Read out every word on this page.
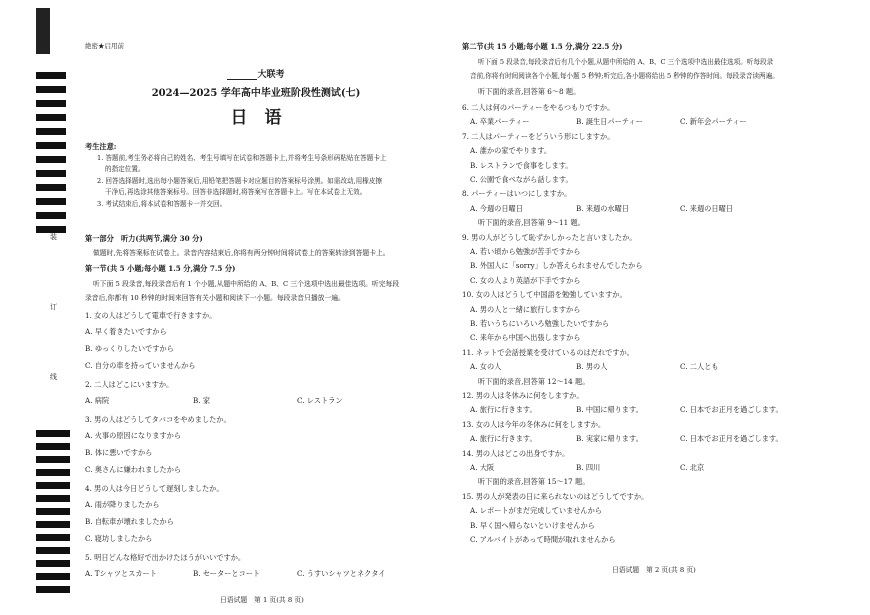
装
订
线
絶密★启用前
大联考
2024—2025 学年高中毕业班阶段性测试(七)
日　语
考生注意:
1. 答题前,考生务必将自己的姓名、考生号填写在试卷和答题卡上,并将考生号条形码粘贴在答题卡上
的指定位置。
2. 回答选择题时,选出每小题答案后,用铅笔把答题卡对应题目的答案标号涂黑。如需改动,用橡皮擦
干净后,再选涂其他答案标号。回答非选择题时,将答案写在答题卡上。写在本试卷上无效。
3. 考试结束后,将本试卷和答题卡一并交回。
第一部分　听力(共两节,满分 30 分)
做题时,先将答案标在试卷上。录音内容结束后,你将有两分钟时间将试卷上的答案转涂到答题卡上。
第一节(共 5 小题;每小题 1.5 分,满分 7.5 分)
听下面 5 段录音,每段录音后有 1 个小题,从题中所给的 A、B、C 三个选项中选出最佳选项。听完每段
录音后,你都有 10 秒钟的时间来回答有关小题和阅读下一小题。每段录音只播放一遍。
1. 女の人はどうして電車で行きますか。
A. 早く着きたいですから
B. ゆっくりしたいですから
C. 自分の車を持っていませんから
2. 二人はどこにいますか。
A. 病院	B. 家	C. レストラン
3. 男の人はどうしてタバコをやめましたか。
A. 火事の原因になりますから
B. 体に悪いですから
C. 奥さんに嫌われましたから
4. 男の人は今日どうして遅刻しましたか。
A. 雨が降りましたから
B. 自転車が壊れましたから
C. 寝坊しましたから
5. 明日どんな格好で出かけたほうがいいですか。
A. Tシャツとスカート	B. セーターとコート	C. うすいシャツとネクタイ
日语试题　第 1 页(共 8 页)
第二节(共 15 小题;每小题 1.5 分,满分 22.5 分)
听下面 5 段录音,每段录音后有几个小题,从题中所给的 A、B、C 三个选项中选出最佳选项。听每段录
音前,你将有时间阅读各个小题,每小题 5 秒钟;听完后,各小题将给出 5 秒钟的作答时间。每段录音读两遍。
听下面的录音,回答第 6～8 题。
6. 二人は何のパーティーをやるつもりですか。
A. 卒業パーティー	B. 誕生日パーティー	C. 新年会パーティー
7. 二人はパーティーをどういう形にしますか。
A. 誰かの家でやります。
B. レストランで食事をします。
C. 公園で食べながら話します。
8. パーティーはいつにしますか。
A. 今週の日曜日	B. 来週の水曜日	C. 来週の日曜日
听下面的录音,回答第 9～11 题。
9. 男の人がどうして恥ずかしかったと言いましたか。
A. 若い頃から勉強が苦手ですから
B. 外国人に「sorry」しか答えられませんでしたから
C. 女の人より英語が下手ですから
10. 女の人はどうして中国語を勉強していますか。
A. 男の人と一緒に旅行しますから
B. 若いうちにいろいろ勉強したいですから
C. 来年から中国へ出張しますから
11. ネットで会話授業を受けているのはだれですか。
A. 女の人	B. 男の人	C. 二人とも
听下面的录音,回答第 12～14 题。
12. 男の人は冬休みに何をしますか。
A. 旅行に行きます。	B. 中国に帰ります。	C. 日本でお正月を過ごします。
13. 女の人は今年の冬休みに何をしますか。
A. 旅行に行きます。	B. 実家に帰ります。	C. 日本でお正月を過ごします。
14. 男の人はどこの出身ですか。
A. 大阪	B. 四川	C. 北京
听下面的录音,回答第 15～17 题。
15. 男の人が発表の日に来られないのはどうしてですか。
A. レポートがまだ完成していませんから
B. 早く国へ帰らないといけませんから
C. アルバイトがあって時間が取れませんから
日语试题　第 2 页(共 8 页)
